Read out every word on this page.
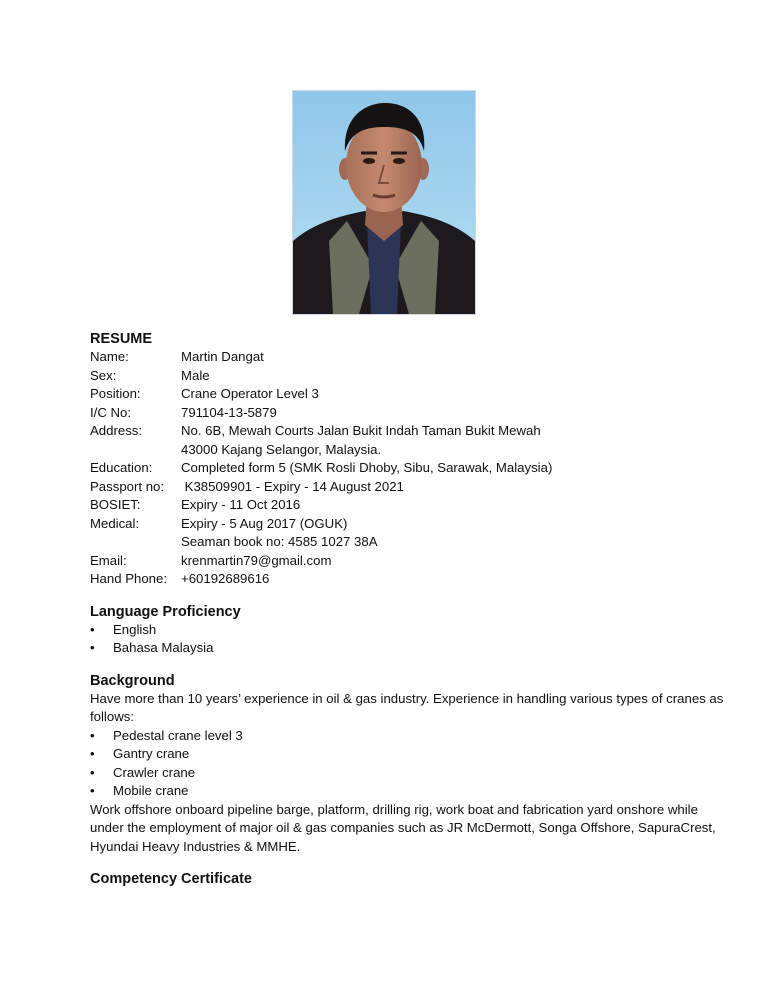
RESUME
Name:	Martin Dangat
Sex:	Male
Position:	Crane Operator Level 3
I/C No:	791104-13-5879
Address:	No. 6B, Mewah Courts Jalan Bukit Indah Taman Bukit Mewah
43000 Kajang Selangor, Malaysia.
Education:	Completed form 5 (SMK Rosli Dhoby, Sibu, Sarawak, Malaysia)
Passport no:	K38509901 - Expiry - 14 August 2021
BOSIET:	Expiry - 11 Oct 2016
Medical:	Expiry - 5 Aug 2017 (OGUK)
Seaman book no: 4585 1027 38A
Email:	krenmartin79@gmail.com
Hand Phone:	+60192689616
Language Proficiency
•	English
•	Bahasa Malaysia
Background

Have more than 10 years’ experience in oil & gas industry. Experience in handling various types of cranes as follows:

•	Pedestal crane level 3
•	Gantry crane
•	Crawler crane
•	Mobile crane

Work offshore onboard pipeline barge, platform, drilling rig, work boat and fabrication yard onshore while under the employment of major oil & gas companies such as JR McDermott, Songa Offshore, SapuraCrest, Hyundai Heavy Industries & MMHE.

Competency Certificate
